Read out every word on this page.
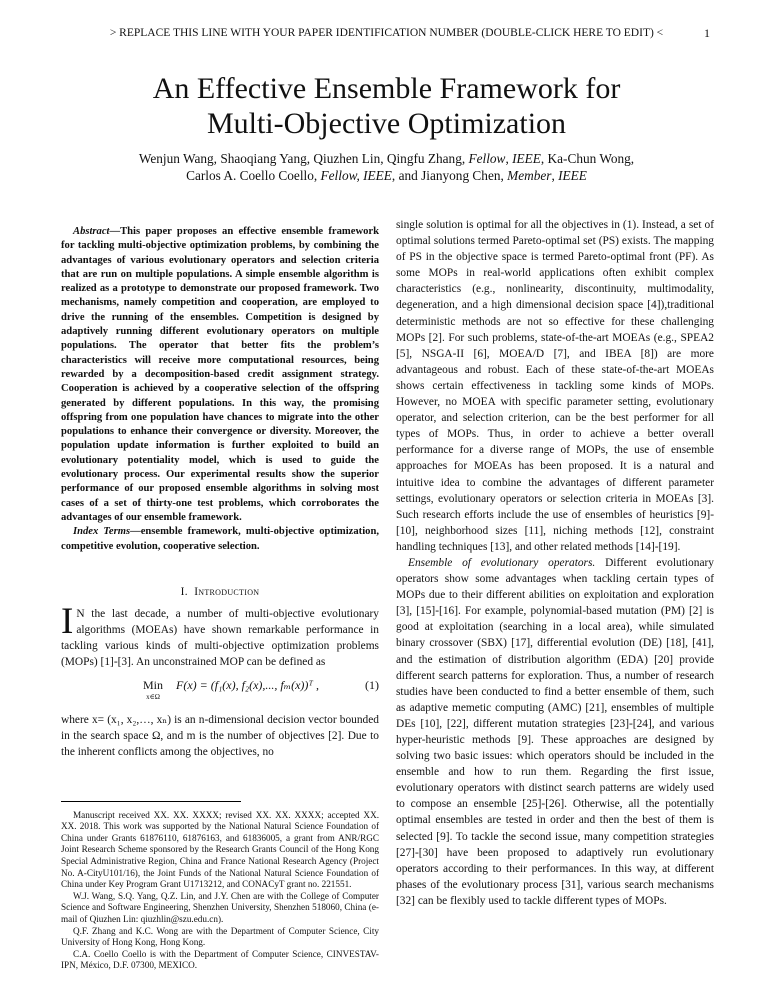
> REPLACE THIS LINE WITH YOUR PAPER IDENTIFICATION NUMBER (DOUBLE-CLICK HERE TO EDIT) <	1
An Effective Ensemble Framework for
Multi-Objective Optimization
Wenjun Wang, Shaoqiang Yang, Qiuzhen Lin, Qingfu Zhang, Fellow, IEEE, Ka-Chun Wong,
Carlos A. Coello Coello, Fellow, IEEE, and Jianyong Chen, Member, IEEE

Abstract—This paper proposes an effective ensemble framework for tackling multi-objective optimization problems, by combining the advantages of various evolutionary operators and selection criteria that are run on multiple populations. A simple ensemble algorithm is realized as a prototype to demonstrate our proposed framework. Two mechanisms, namely competition and cooperation, are employed to drive the running of the ensembles. Competition is designed by adaptively running different evolutionary operators on multiple populations. The operator that better fits the problem’s characteristics will receive more computational resources, being rewarded by a decomposition-based credit assignment strategy. Cooperation is achieved by a cooperative selection of the offspring generated by different populations. In this way, the promising offspring from one population have chances to migrate into the other populations to enhance their convergence or diversity. Moreover, the population update information is further exploited to build an evolutionary potentiality model, which is used to guide the evolutionary process. Our experimental results show the superior performance of our proposed ensemble algorithms in solving most cases of a set of thirty-one test problems, which corroborates the advantages of our ensemble framework.

Index Terms—ensemble framework, multi-objective optimization, competitive evolution, cooperative selection.

I. Introduction

I N the last decade, a number of multi-objective evolutionary algorithms (MOEAs) have shown remarkable performance in tackling various kinds of multi-objective optimization problems (MOPs) [1]-[3]. An unconstrained MOP can be defined as

Min
x∈Ω
F(x) = (f₁(x), f₂(x),..., fₘ(x))ᵀ ,	(1)

where x= (x₁, x₂,…, xₙ) is an n-dimensional decision vector bounded in the search space Ω, and m is the number of objectives [2]. Due to the inherent conflicts among the objectives, no

Manuscript received XX. XX. XXXX; revised XX. XX. XXXX; accepted XX. XX. 2018. This work was supported by the National Natural Science Foundation of China under Grants 61876110, 61876163, and 61836005, a grant from ANR/RGC Joint Research Scheme sponsored by the Research Grants Council of the Hong Kong Special Administrative Region, China and France National Research Agency (Project No. A-CityU101/16), the Joint Funds of the National Natural Science Foundation of China under Key Program Grant U1713212, and CONACyT grant no. 221551.

W.J. Wang, S.Q. Yang, Q.Z. Lin, and J.Y. Chen are with the College of Computer Science and Software Engineering, Shenzhen University, Shenzhen 518060, China (e-mail of Qiuzhen Lin: qiuzhlin@szu.edu.cn).

Q.F. Zhang and K.C. Wong are with the Department of Computer Science, City University of Hong Kong, Hong Kong.

C.A. Coello Coello is with the Department of Computer Science, CINVESTAV-IPN, México, D.F. 07300, MEXICO.

single solution is optimal for all the objectives in (1). Instead, a set of optimal solutions termed Pareto-optimal set (PS) exists. The mapping of PS in the objective space is termed Pareto-optimal front (PF). As some MOPs in real-world applications often exhibit complex characteristics (e.g., nonlinearity, discontinuity, multimodality, degeneration, and a high dimensional decision space [4]),traditional deterministic methods are not so effective for these challenging MOPs [2]. For such problems, state-of-the-art MOEAs (e.g., SPEA2 [5], NSGA-II [6], MOEA/D [7], and IBEA [8]) are more advantageous and robust. Each of these state-of-the-art MOEAs shows certain effectiveness in tackling some kinds of MOPs. However, no MOEA with specific parameter setting, evolutionary operator, and selection criterion, can be the best performer for all types of MOPs. Thus, in order to achieve a better overall performance for a diverse range of MOPs, the use of ensemble approaches for MOEAs has been proposed. It is a natural and intuitive idea to combine the advantages of different parameter settings, evolutionary operators or selection criteria in MOEAs [3]. Such research efforts include the use of ensembles of heuristics [9]-[10], neighborhood sizes [11], niching methods [12], constraint handling techniques [13], and other related methods [14]-[19].

Ensemble of evolutionary operators. Different evolutionary operators show some advantages when tackling certain types of MOPs due to their different abilities on exploitation and exploration [3], [15]-[16]. For example, polynomial-based mutation (PM) [2] is good at exploitation (searching in a local area), while simulated binary crossover (SBX) [17], differential evolution (DE) [18], [41], and the estimation of distribution algorithm (EDA) [20] provide different search patterns for exploration. Thus, a number of research studies have been conducted to find a better ensemble of them, such as adaptive memetic computing (AMC) [21], ensembles of multiple DEs [10], [22], different mutation strategies [23]-[24], and various hyper-heuristic methods [9]. These approaches are designed by solving two basic issues: which operators should be included in the ensemble and how to run them. Regarding the first issue, evolutionary operators with distinct search patterns are widely used to compose an ensemble [25]-[26]. Otherwise, all the potentially optimal ensembles are tested in order and then the best of them is selected [9]. To tackle the second issue, many competition strategies [27]-[30] have been proposed to adaptively run evolutionary operators according to their performances. In this way, at different phases of the evolutionary process [31], various search mechanisms [32] can be flexibly used to tackle different types of MOPs.
